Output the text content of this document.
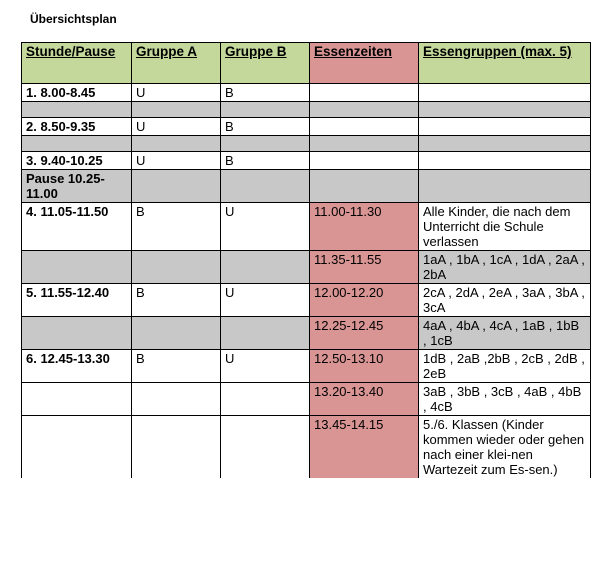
Übersichtsplan
Stunde/Pause	Gruppe A	Gruppe B	Essenzeiten	Essengruppen (max. 5)
1. 8.00-8.45	U	B		

2. 8.50-9.35	U	B		

3. 9.40-10.25	U	B		
Pause 10.25-11.00				
4. 11.05-11.50	B	U	11.00-11.30	Alle Kinder, die nach dem Unterricht die Schule verlassen
			11.35-11.55	1aA , 1bA , 1cA , 1dA , 2aA , 2bA
5. 11.55-12.40	B	U	12.00-12.20	2cA , 2dA , 2eA , 3aA , 3bA , 3cA
			12.25-12.45	4aA , 4bA , 4cA , 1aB , 1bB , 1cB
6. 12.45-13.30	B	U	12.50-13.10	1dB , 2aB ,2bB , 2cB , 2dB , 2eB
			13.20-13.40	3aB , 3bB , 3cB , 4aB , 4bB , 4cB
			13.45-14.15	5./6. Klassen (Kinder kommen wieder oder gehen nach einer klei-nen Wartezeit zum Es-sen.)
